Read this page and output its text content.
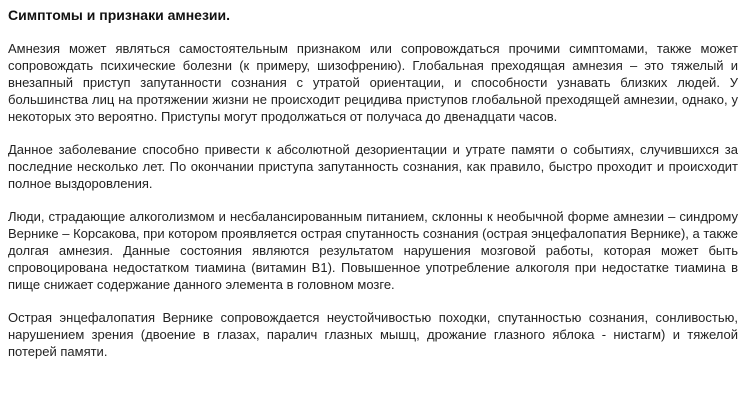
Симптомы и признаки амнезии.

Амнезия может являться самостоятельным признаком или сопровождаться прочими симптомами, также может сопровождать психические болезни (к примеру, шизофрению). Глобальная преходящая амнезия – это тяжелый и внезапный приступ запутанности сознания с утратой ориентации, и способности узнавать близких людей. У большинства лиц на протяжении жизни не происходит рецидива приступов глобальной преходящей амнезии, однако, у некоторых это вероятно. Приступы могут продолжаться от получаса до двенадцати часов.

Данное заболевание способно привести к абсолютной дезориентации и утрате памяти о событиях, случившихся за последние несколько лет. По окончании приступа запутанность сознания, как правило, быстро проходит и происходит полное выздоровления.

Люди, страдающие алкоголизмом и несбалансированным питанием, склонны к необычной форме амнезии – синдрому Вернике – Корсакова, при котором проявляется острая спутанность сознания (острая энцефалопатия Вернике), а также долгая амнезия. Данные состояния являются результатом нарушения мозговой работы, которая может быть спровоцирована недостатком тиамина (витамин В1). Повышенное употребление алкоголя при недостатке тиамина в пище снижает содержание данного элемента в головном мозге.

Острая энцефалопатия Вернике сопровождается неустойчивостью походки, спутанностью сознания, сонливостью, нарушением зрения (двоение в глазах, паралич глазных мышц, дрожание глазного яблока - нистагм) и тяжелой потерей памяти.
